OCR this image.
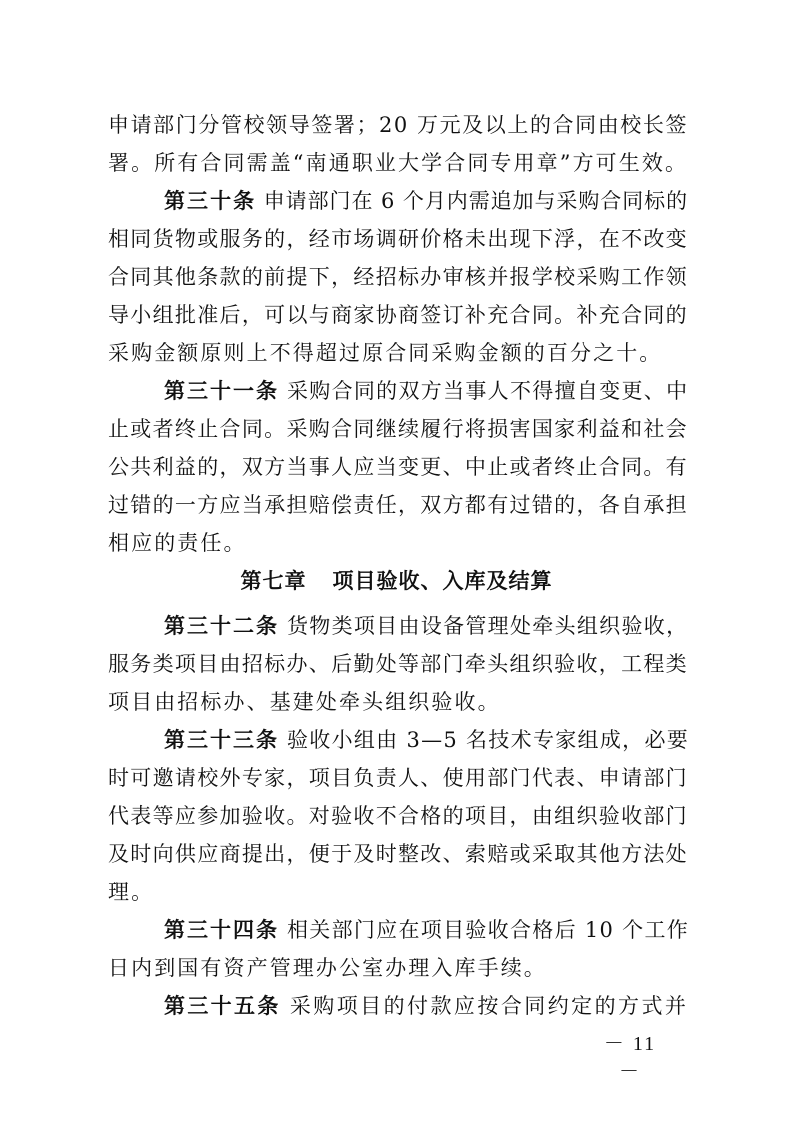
申请部门分管校领导签署；20 万元及以上的合同由校长签
署。所有合同需盖“南通职业大学合同专用章”方可生效。
第三十条 申请部门在 6 个月内需追加与采购合同标的
相同货物或服务的，经市场调研价格未出现下浮，在不改变
合同其他条款的前提下，经招标办审核并报学校采购工作领
导小组批准后，可以与商家协商签订补充合同。补充合同的
采购金额原则上不得超过原合同采购金额的百分之十。
第三十一条 采购合同的双方当事人不得擅自变更、中
止或者终止合同。采购合同继续履行将损害国家利益和社会
公共利益的，双方当事人应当变更、中止或者终止合同。有
过错的一方应当承担赔偿责任，双方都有过错的，各自承担
相应的责任。
第七章 项目验收、入库及结算
第三十二条 货物类项目由设备管理处牵头组织验收，
服务类项目由招标办、后勤处等部门牵头组织验收，工程类
项目由招标办、基建处牵头组织验收。
第三十三条 验收小组由 3—5 名技术专家组成，必要
时可邀请校外专家，项目负责人、使用部门代表、申请部门
代表等应参加验收。对验收不合格的项目，由组织验收部门
及时向供应商提出，便于及时整改、索赔或采取其他方法处
理。
第三十四条 相关部门应在项目验收合格后 10 个工作
日内到国有资产管理办公室办理入库手续。
第三十五条 采购项目的付款应按合同约定的方式并
－ 11 －
